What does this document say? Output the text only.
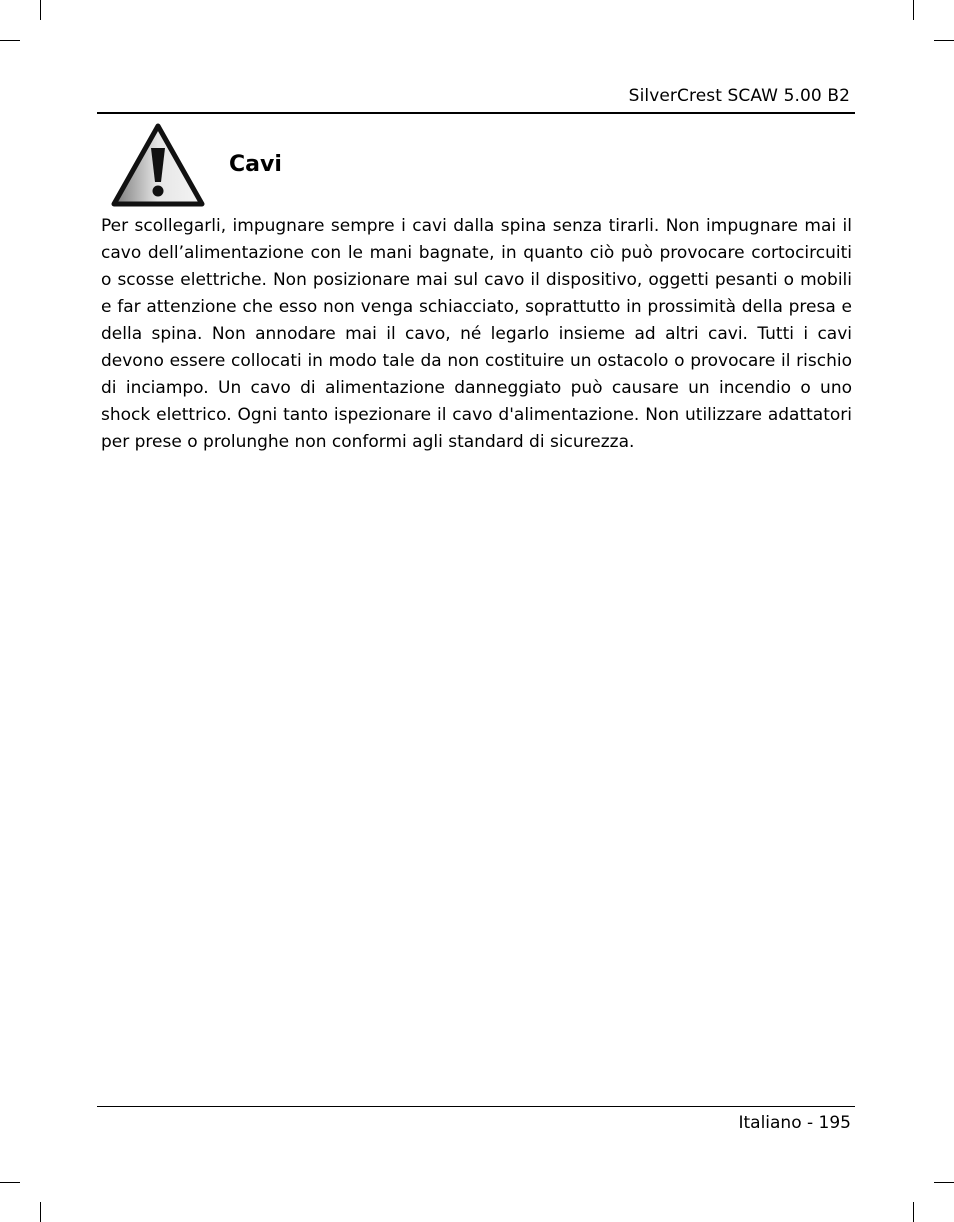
SilverCrest SCAW 5.00 B2
Cavi
Per scollegarli, impugnare sempre i cavi dalla spina senza tirarli. Non impugnare mai il cavo dell’alimentazione con le mani bagnate, in quanto ciò può provocare cortocircuiti o scosse elettriche. Non posizionare mai sul cavo il dispositivo, oggetti pesanti o mobili e far attenzione che esso non venga schiacciato, soprattutto in prossimità della presa e della spina. Non annodare mai il cavo, né legarlo insieme ad altri cavi. Tutti i cavi devono essere collocati in modo tale da non costituire un ostacolo o provocare il rischio di inciampo. Un cavo di alimentazione danneggiato può causare un incendio o uno shock elettrico. Ogni tanto ispezionare il cavo d'alimentazione. Non utilizzare adattatori per prese o prolunghe non conformi agli standard di sicurezza.
Italiano - 195
